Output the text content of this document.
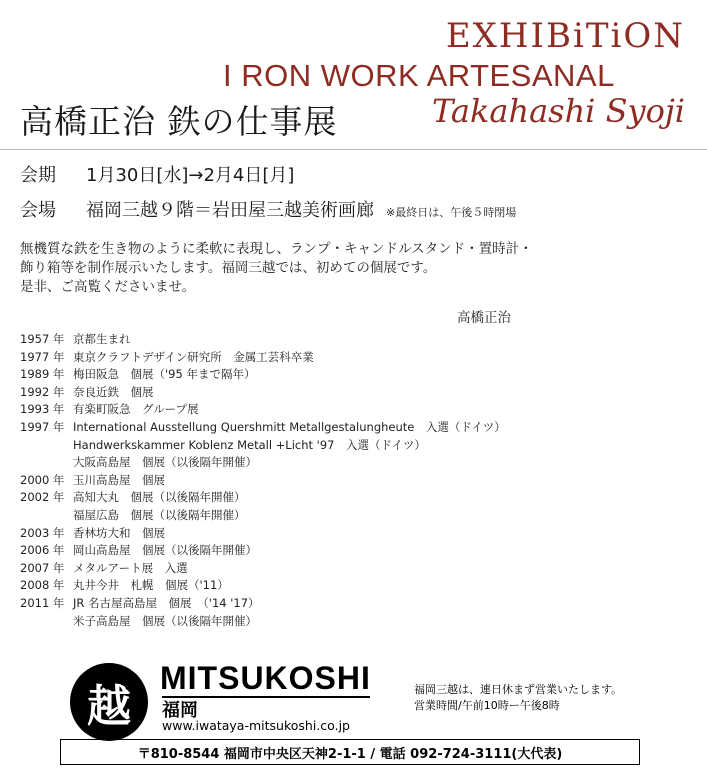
EXHIBiTiON
I RON WORK ARTESANAL
Takahashi Syoji
高橋正治 鉄の仕事展
会期 1月30日[水]→2月4日[月]
会場 福岡三越９階＝岩田屋三越美術画廊 ※最終日は、午後５時閉場
無機質な鉄を生き物のように柔軟に表現し、ランプ・キャンドルスタンド・置時計・
飾り箱等を制作展示いたします。福岡三越では、初めての個展です。
是非、ご高覧くださいませ。
高橋正治
1957 年 京都生まれ
1977 年 東京クラフトデザイン研究所　金属工芸科卒業
1989 年 梅田阪急　個展（'95 年まで隔年）
1992 年 奈良近鉄　個展
1993 年 有楽町阪急　グループ展
1997 年 International Ausstellung Quershmitt Metallgestalungheute　入選（ドイツ）
Handwerkskammer Koblenz Metall +Licht '97　入選（ドイツ）
大阪高島屋　個展（以後隔年開催）
2000 年 玉川高島屋　個展
2002 年 高知大丸　個展（以後隔年開催）
福屋広島　個展（以後隔年開催）
2003 年 香林坊大和　個展
2006 年 岡山高島屋　個展（以後隔年開催）
2007 年 メタルアート展　入選
2008 年 丸井今井　札幌　個展（'11）
2011 年 JR 名古屋高島屋　個展　（'14 '17）
米子高島屋　個展（以後隔年開催）
越
MITSUKOSHI
福岡
www.iwataya-mitsukoshi.co.jp
福岡三越は、連日休まず営業いたします。
営業時間/午前10時ー午後8時
〒810-8544 福岡市中央区天神2-1-1 / 電話 092-724-3111(大代表)
